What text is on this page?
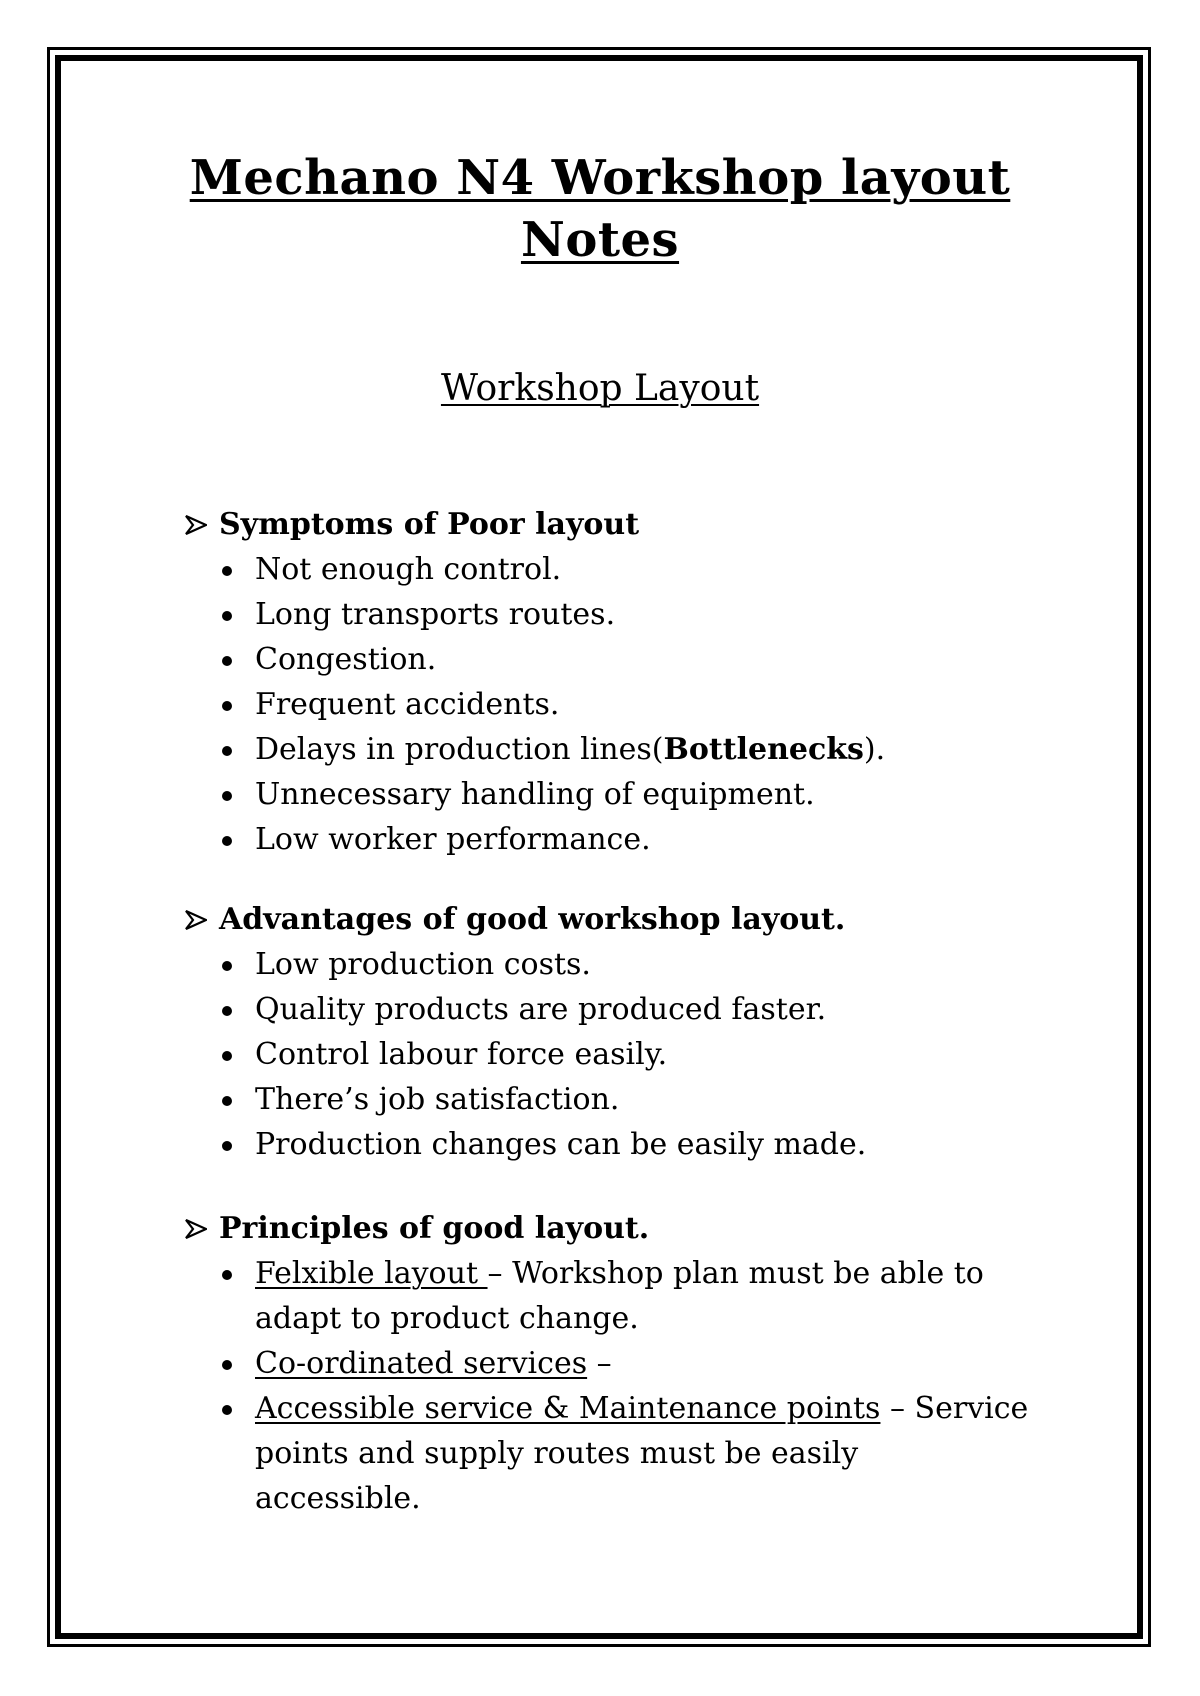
Mechano N4 Workshop layout
Notes
Workshop Layout
Symptoms of Poor layout
Not enough control.
Long transports routes.
Congestion.
Frequent accidents.
Delays in production lines(Bottlenecks).
Unnecessary handling of equipment.
Low worker performance.
Advantages of good workshop layout.
Low production costs.
Quality products are produced faster.
Control labour force easily.
There’s job satisfaction.
Production changes can be easily made.
Principles of good layout.
Felxible layout – Workshop plan must be able to adapt to product change.
Co-ordinated services –
Accessible service & Maintenance points – Service points and supply routes must be easily accessible.
